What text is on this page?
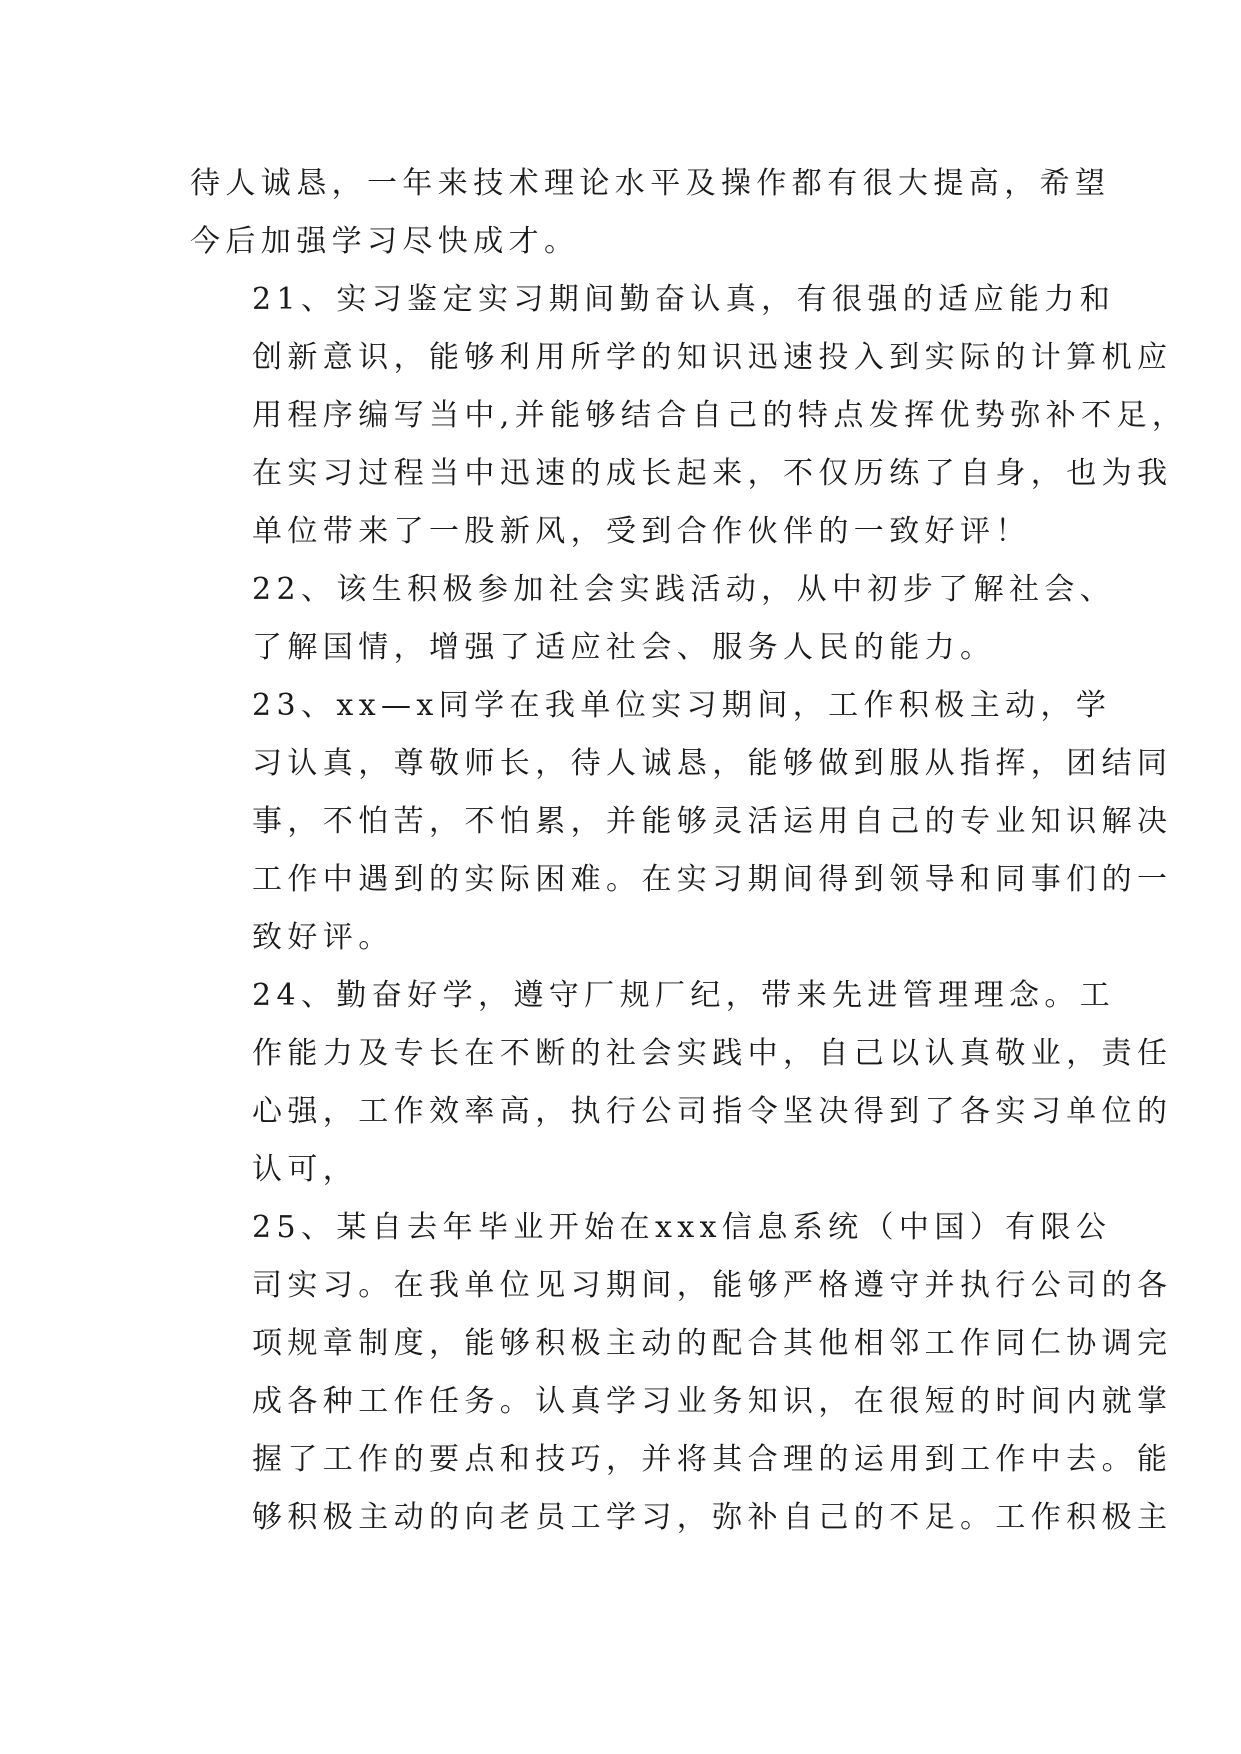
待人诚恳，一年来技术理论水平及操作都有很大提高，希望
今后加强学习尽快成才。

21、实习鉴定实习期间勤奋认真，有很强的适应能力和
创新意识，能够利用所学的知识迅速投入到实际的计算机应
用程序编写当中,并能够结合自己的特点发挥优势弥补不足，
在实习过程当中迅速的成长起来，不仅历练了自身，也为我
单位带来了一股新风，受到合作伙伴的一致好评！

22、该生积极参加社会实践活动，从中初步了解社会、
了解国情，增强了适应社会、服务人民的能力。

23、xx—x同学在我单位实习期间，工作积极主动，学
习认真，尊敬师长，待人诚恳，能够做到服从指挥，团结同
事，不怕苦，不怕累，并能够灵活运用自己的专业知识解决
工作中遇到的实际困难。在实习期间得到领导和同事们的一
致好评。

24、勤奋好学，遵守厂规厂纪，带来先进管理理念。工
作能力及专长在不断的社会实践中，自己以认真敬业，责任
心强，工作效率高，执行公司指令坚决得到了各实习单位的
认可，

25、某自去年毕业开始在xxx信息系统（中国）有限公
司实习。在我单位见习期间，能够严格遵守并执行公司的各
项规章制度，能够积极主动的配合其他相邻工作同仁协调完
成各种工作任务。认真学习业务知识，在很短的时间内就掌
握了工作的要点和技巧，并将其合理的运用到工作中去。能
够积极主动的向老员工学习，弥补自己的不足。工作积极主
